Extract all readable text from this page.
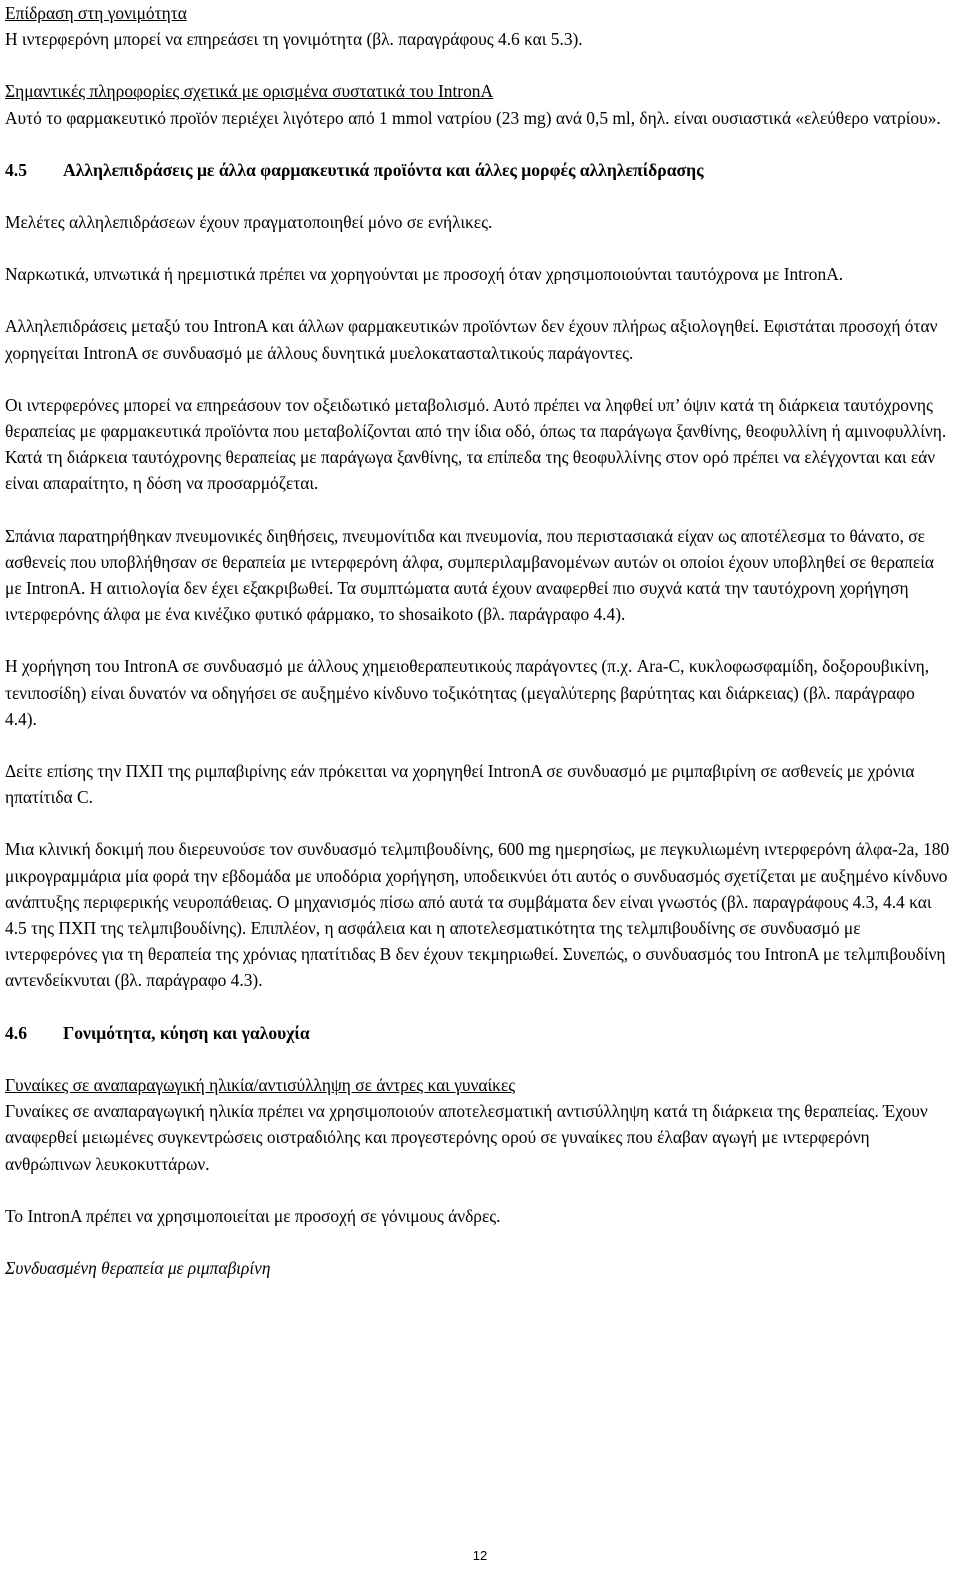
Επίδραση στη γονιμότητα

Η ιντερφερόνη μπορεί να επηρεάσει τη γονιμότητα (βλ. παραγράφους 4.6 και 5.3).

Σημαντικές πληροφορίες σχετικά με ορισμένα συστατικά του IntronA

Αυτό το φαρμακευτικό προϊόν περιέχει λιγότερο από 1 mmol νατρίου (23 mg) ανά 0,5 ml, δηλ. είναι ουσιαστικά «ελεύθερο νατρίου».

4.5 Αλληλεπιδράσεις με άλλα φαρμακευτικά προϊόντα και άλλες μορφές αλληλεπίδρασης

Μελέτες αλληλεπιδράσεων έχουν πραγματοποιηθεί μόνο σε ενήλικες.

Ναρκωτικά, υπνωτικά ή ηρεμιστικά πρέπει να χορηγούνται με προσοχή όταν χρησιμοποιούνται ταυτόχρονα με IntronA.

Αλληλεπιδράσεις μεταξύ του IntronA και άλλων φαρμακευτικών προϊόντων δεν έχουν πλήρως αξιολογηθεί. Εφιστάται προσοχή όταν χορηγείται IntronA σε συνδυασμό με άλλους δυνητικά μυελοκατασταλτικούς παράγοντες.

Οι ιντερφερόνες μπορεί να επηρεάσουν τον οξειδωτικό μεταβολισμό. Αυτό πρέπει να ληφθεί υπ’ όψιν κατά τη διάρκεια ταυτόχρονης θεραπείας με φαρμακευτικά προϊόντα που μεταβολίζονται από την ίδια οδό, όπως τα παράγωγα ξανθίνης, θεοφυλλίνη ή αμινοφυλλίνη. Κατά τη διάρκεια ταυτόχρονης θεραπείας με παράγωγα ξανθίνης, τα επίπεδα της θεοφυλλίνης στον ορό πρέπει να ελέγχονται και εάν είναι απαραίτητο, η δόση να προσαρμόζεται.

Σπάνια παρατηρήθηκαν πνευμονικές διηθήσεις, πνευμονίτιδα και πνευμονία, που περιστασιακά είχαν ως αποτέλεσμα το θάνατο, σε ασθενείς που υποβλήθησαν σε θεραπεία με ιντερφερόνη άλφα, συμπεριλαμβανομένων αυτών οι οποίοι έχουν υποβληθεί σε θεραπεία με IntronA. Η αιτιολογία δεν έχει εξακριβωθεί. Τα συμπτώματα αυτά έχουν αναφερθεί πιο συχνά κατά την ταυτόχρονη χορήγηση ιντερφερόνης άλφα με ένα κινέζικο φυτικό φάρμακο, το shosaikoto (βλ. παράγραφο 4.4).

Η χορήγηση του IntronA σε συνδυασμό με άλλους χημειοθεραπευτικούς παράγοντες (π.χ. Ara-C, κυκλοφωσφαμίδη, δοξορουβικίνη, τενιποσίδη) είναι δυνατόν να οδηγήσει σε αυξημένο κίνδυνο τοξικότητας (μεγαλύτερης βαρύτητας και διάρκειας) (βλ. παράγραφο 4.4).

Δείτε επίσης την ΠΧΠ της ριμπαβιρίνης εάν πρόκειται να χορηγηθεί IntronA σε συνδυασμό με ριμπαβιρίνη σε ασθενείς με χρόνια ηπατίτιδα C.

Μια κλινική δοκιμή που διερευνούσε τον συνδυασμό τελμπιβουδίνης, 600 mg ημερησίως, με πεγκυλιωμένη ιντερφερόνη άλφα-2a, 180 μικρογραμμάρια μία φορά την εβδομάδα με υποδόρια χορήγηση, υποδεικνύει ότι αυτός ο συνδυασμός σχετίζεται με αυξημένο κίνδυνο ανάπτυξης περιφερικής νευροπάθειας. Ο μηχανισμός πίσω από αυτά τα συμβάματα δεν είναι γνωστός (βλ. παραγράφους 4.3, 4.4 και 4.5 της ΠΧΠ της τελμπιβουδίνης). Επιπλέον, η ασφάλεια και η αποτελεσματικότητα της τελμπιβουδίνης σε συνδυασμό με ιντερφερόνες για τη θεραπεία της χρόνιας ηπατίτιδας Β δεν έχουν τεκμηριωθεί. Συνεπώς, ο συνδυασμός του IntronA με τελμπιβουδίνη αντενδείκνυται (βλ. παράγραφο 4.3).

4.6 Γονιμότητα, κύηση και γαλουχία
Γυναίκες σε αναπαραγωγική ηλικία/αντισύλληψη σε άντρες και γυναίκες

Γυναίκες σε αναπαραγωγική ηλικία πρέπει να χρησιμοποιούν αποτελεσματική αντισύλληψη κατά τη διάρκεια της θεραπείας. Έχουν αναφερθεί μειωμένες συγκεντρώσεις οιστραδιόλης και προγεστερόνης ορού σε γυναίκες που έλαβαν αγωγή με ιντερφερόνη ανθρώπινων λευκοκυττάρων.

Το IntronA πρέπει να χρησιμοποιείται με προσοχή σε γόνιμους άνδρες.

Συνδυασμένη θεραπεία με ριμπαβιρίνη
12
